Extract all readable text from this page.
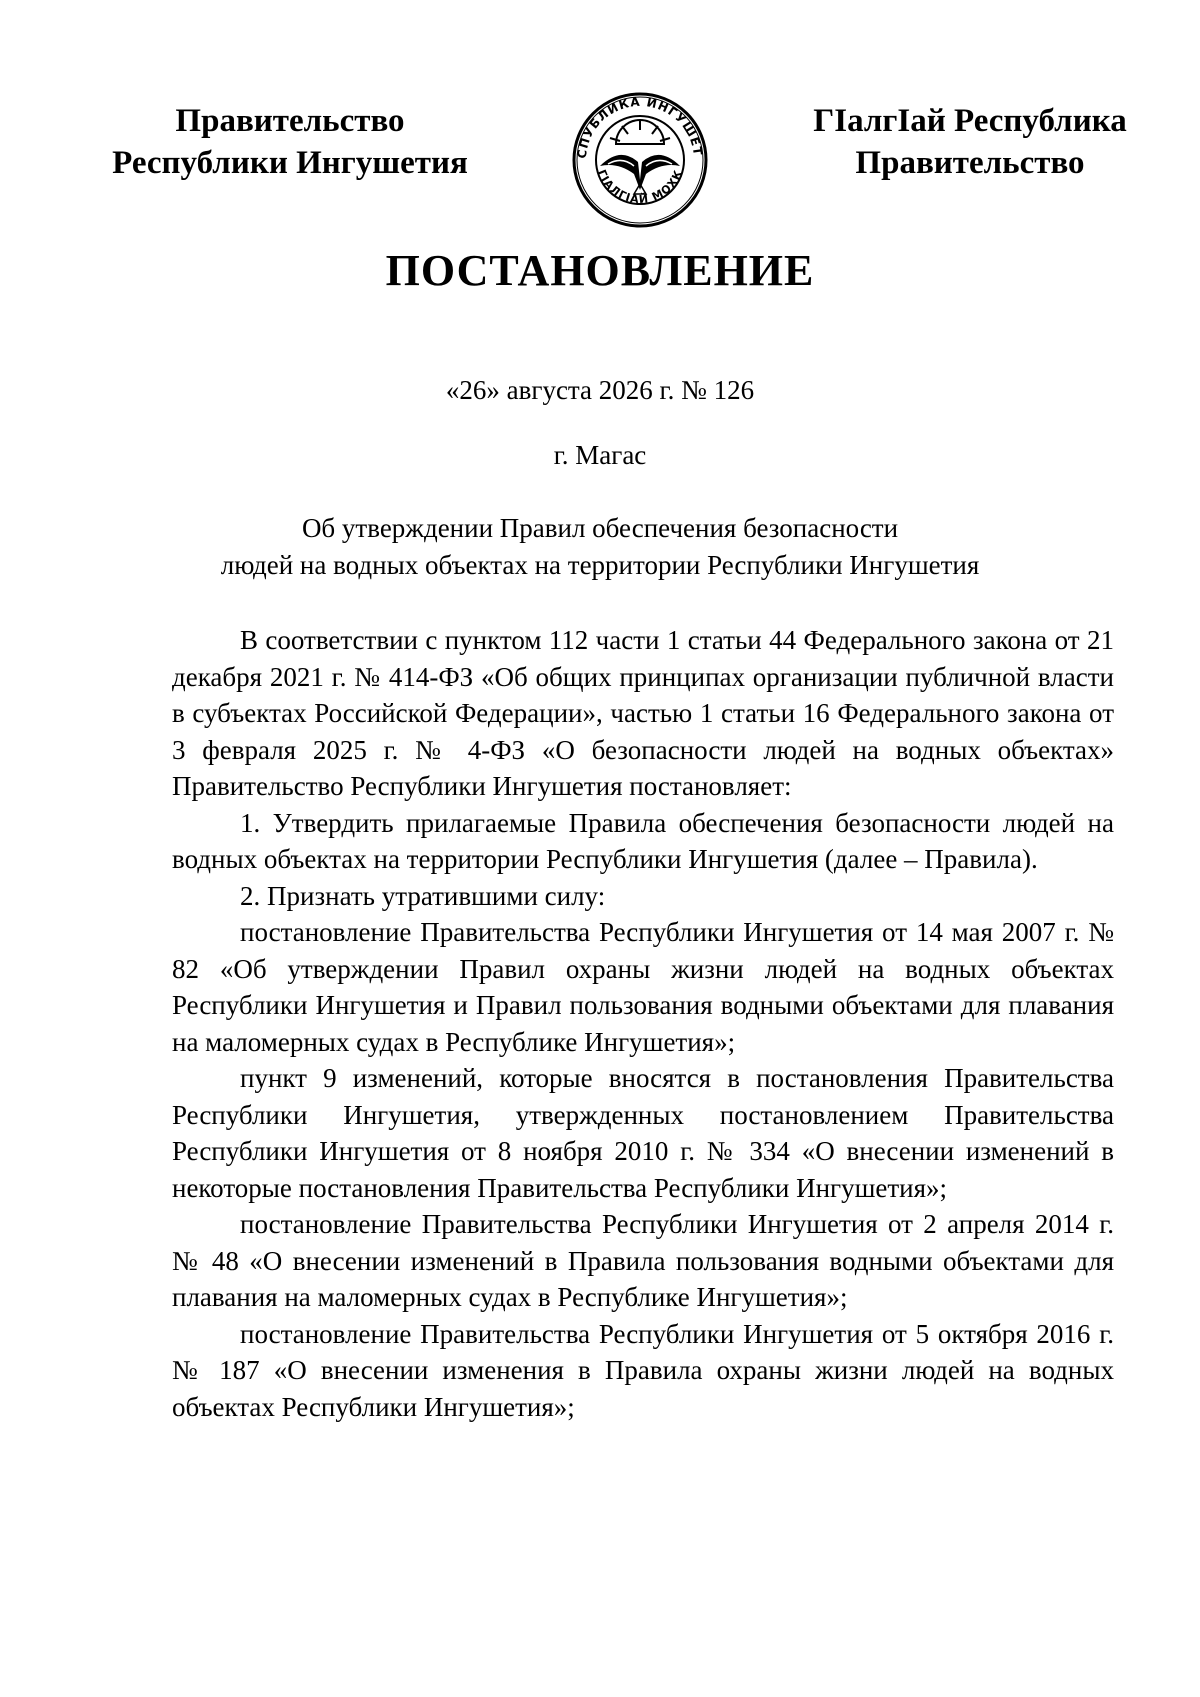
Правительство
Республики Ингушетия	СПУБЛИКА ИНГУШЕТ
ГIАЛГIАЙ МОХК
ГIалгIай Республика
Правительство
ПОСТАНОВЛЕНИЕ
«26» августа 2026 г. № 126
г. Магас
Об утверждении Правил обеспечения безопасности
людей на водных объектах на территории Республики Ингушетия

В соответствии с пунктом 112 части 1 статьи 44 Федерального закона от 21 декабря 2021 г. № 414-ФЗ «Об общих принципах организации публичной власти в субъектах Российской Федерации», частью 1 статьи 16 Федерального закона от 3 февраля 2025 г. № 4-ФЗ «О безопасности людей на водных объектах» Правительство Республики Ингушетия постановляет:

1. Утвердить прилагаемые Правила обеспечения безопасности людей на водных объектах на территории Республики Ингушетия (далее – Правила).

2. Признать утратившими силу:

постановление Правительства Республики Ингушетия от 14 мая 2007 г. № 82 «Об утверждении Правил охраны жизни людей на водных объектах Республики Ингушетия и Правил пользования водными объектами для плавания на маломерных судах в Республике Ингушетия»;

пункт 9 изменений, которые вносятся в постановления Правительства Республики Ингушетия, утвержденных постановлением Правительства Республики Ингушетия от 8 ноября 2010 г. № 334 «О внесении изменений в некоторые постановления Правительства Республики Ингушетия»;

постановление Правительства Республики Ингушетия от 2 апреля 2014 г. № 48 «О внесении изменений в Правила пользования водными объектами для плавания на маломерных судах в Республике Ингушетия»;

постановление Правительства Республики Ингушетия от 5 октября 2016 г. № 187 «О внесении изменения в Правила охраны жизни людей на водных объектах Республики Ингушетия»;
